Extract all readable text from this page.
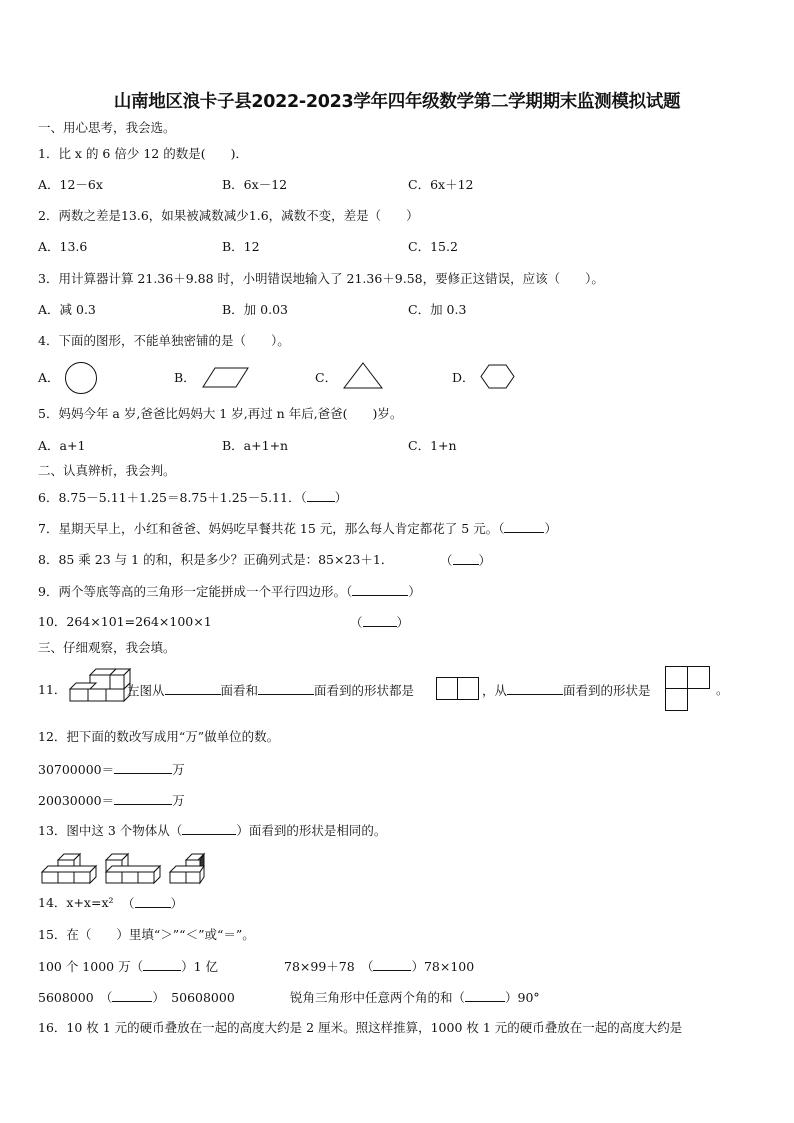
山南地区浪卡子县2022-2023学年四年级数学第二学期期末监测模拟试题
一、用心思考，我会选。
1．比 x 的 6 倍少 12 的数是(　　)．
A．12－6x	B．6x－12	C．6x＋12
2．两数之差是13.6，如果被减数减少1.6，减数不变，差是（　　）
A．13.6	B．12	C．15.2
3．用计算器计算 21.36＋9.88 时，小明错误地输入了 21.36＋9.58，要修正这错误，应该（　　）。
A．减 0.3	B．加 0.03	C．加 0.3
4．下面的图形，不能单独密铺的是（　　）。
A．	B．	C．	D．
5．妈妈今年 a 岁,爸爸比妈妈大 1 岁,再过 n 年后,爸爸(　　)岁。
A．a+1	B．a+1+n	C．1+n
二、认真辨析，我会判。
6．8.75－5.11＋1.25＝8.75＋1.25－5.11．（ ）
7．星期天早上，小红和爸爸、妈妈吃早餐共花 15 元，那么每人肯定都花了 5 元。（	）
8．85 乘 23 与 1 的和，积是多少？正确列式是：85×23＋1．	（ ）
9．两个等底等高的三角形一定能拼成一个平行四边形。（	）
10．264×101=264×100×1	（	）
三、仔细观察，我会填。
11．	左图从	面看和	面看到的形状都是	，从	面看到的形状是	。
12．把下面的数改写成用“万”做单位的数。
30700000＝	万
20030000＝	万
13．图中这 3 个物体从（	）面看到的形状是相同的。
14．x+x=x² （	）
15．在（　　）里填“＞”“＜”或“＝”。
100 个 1000 万（	）1 亿	78×99＋78　（	）78×100
5608000　（	）　50608000	锐角三角形中任意两个角的和（	）90°
16．10 枚 1 元的硬币叠放在一起的高度大约是 2 厘米。照这样推算，1000 枚 1 元的硬币叠放在一起的高度大约是
